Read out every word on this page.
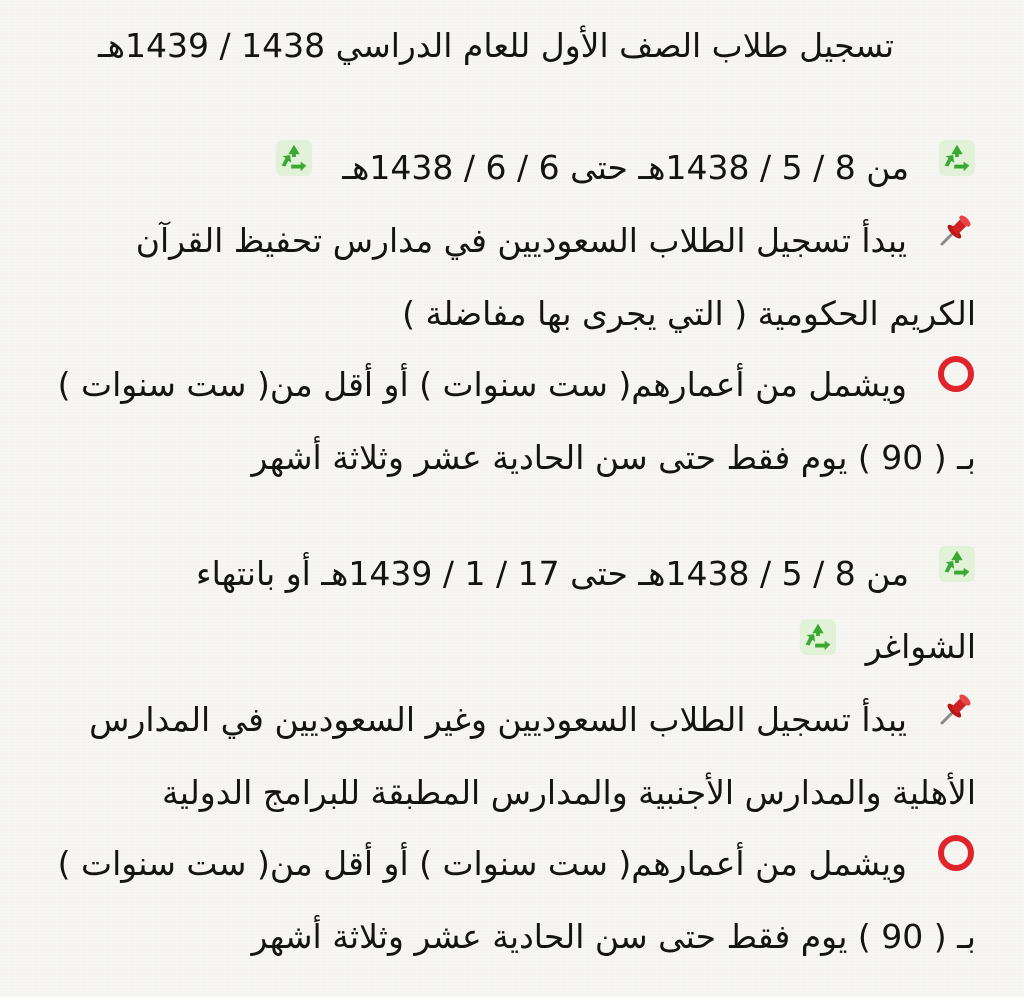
تسجيل طلاب الصف الأول للعام الدراسي 1438 / 1439هـ
من 8 / 5 / 1438هـ حتى 6 / 6 / 1438هـ
يبدأ تسجيل الطلاب السعوديين في مدارس تحفيظ القرآن
الكريم الحكومية ( التي يجرى بها مفاضلة )
ويشمل من أعمارهم( ست سنوات ) أو أقل من( ست سنوات )
بـ ( 90 ) يوم فقط حتى سن الحادية عشر وثلاثة أشهر
من 8 / 5 / 1438هـ حتى 17 / 1 / 1439هـ أو بانتهاء
الشواغر
يبدأ تسجيل الطلاب السعوديين وغير السعوديين في المدارس
الأهلية والمدارس الأجنبية والمدارس المطبقة للبرامج الدولية
ويشمل من أعمارهم( ست سنوات ) أو أقل من( ست سنوات )
بـ ( 90 ) يوم فقط حتى سن الحادية عشر وثلاثة أشهر
